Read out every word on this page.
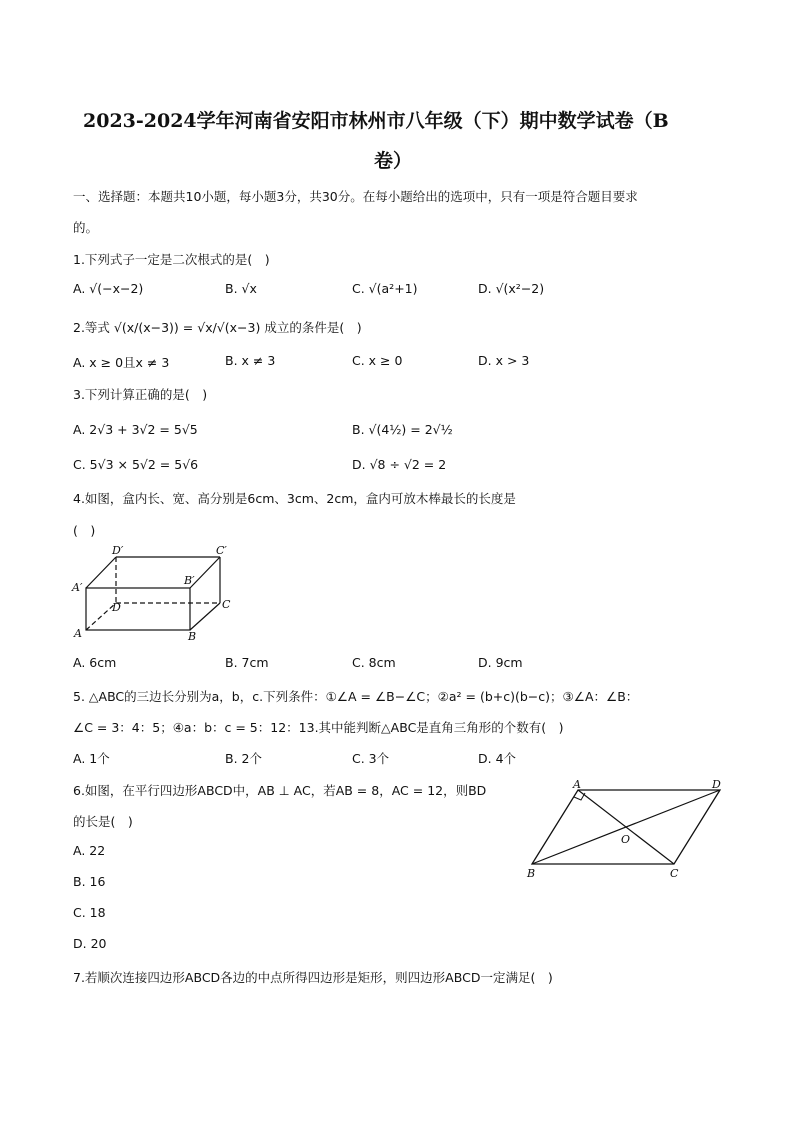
2023-2024学年河南省安阳市林州市八年级（下）期中数学试卷（B
卷）
一、选择题：本题共10小题，每小题3分，共30分。在每小题给出的选项中，只有一项是符合题目要求
的。
1.下列式子一定是二次根式的是(　)
A. √(−x−2)	B. √x	C. √(a²+1)	D. √(x²−2)
2.等式 √(x/(x−3)) = √x/√(x−3) 成立的条件是(　)
A. x ≥ 0且x ≠ 3	B. x ≠ 3	C. x ≥ 0	D. x > 3
3.下列计算正确的是(　)
A. 2√3 + 3√2 = 5√5	B. √(4½) = 2√½
C. 5√3 × 5√2 = 5√6	D. √8 ÷ √2 = 2
4.如图，盒内长、宽、高分别是6cm、3cm、2cm，盒内可放木棒最长的长度是
(　)
D′	C′
A′
B′
D	C
A	B
A. 6cm	B. 7cm	C. 8cm	D. 9cm
5. △ABC的三边长分别为a，b，c.下列条件：①∠A = ∠B−∠C；②a² = (b+c)(b−c)；③∠A：∠B：
∠C = 3：4：5；④a：b：c = 5：12：13.其中能判断△ABC是直角三角形的个数有(　)
A. 1个	B. 2个	C. 3个	D. 4个
6.如图，在平行四边形ABCD中，AB ⊥ AC，若AB = 8，AC = 12，则BD
的长是(　)
A. 22
B. 16
C. 18
D. 20
A	D
O
B	C
7.若顺次连接四边形ABCD各边的中点所得四边形是矩形，则四边形ABCD一定满足(　)
